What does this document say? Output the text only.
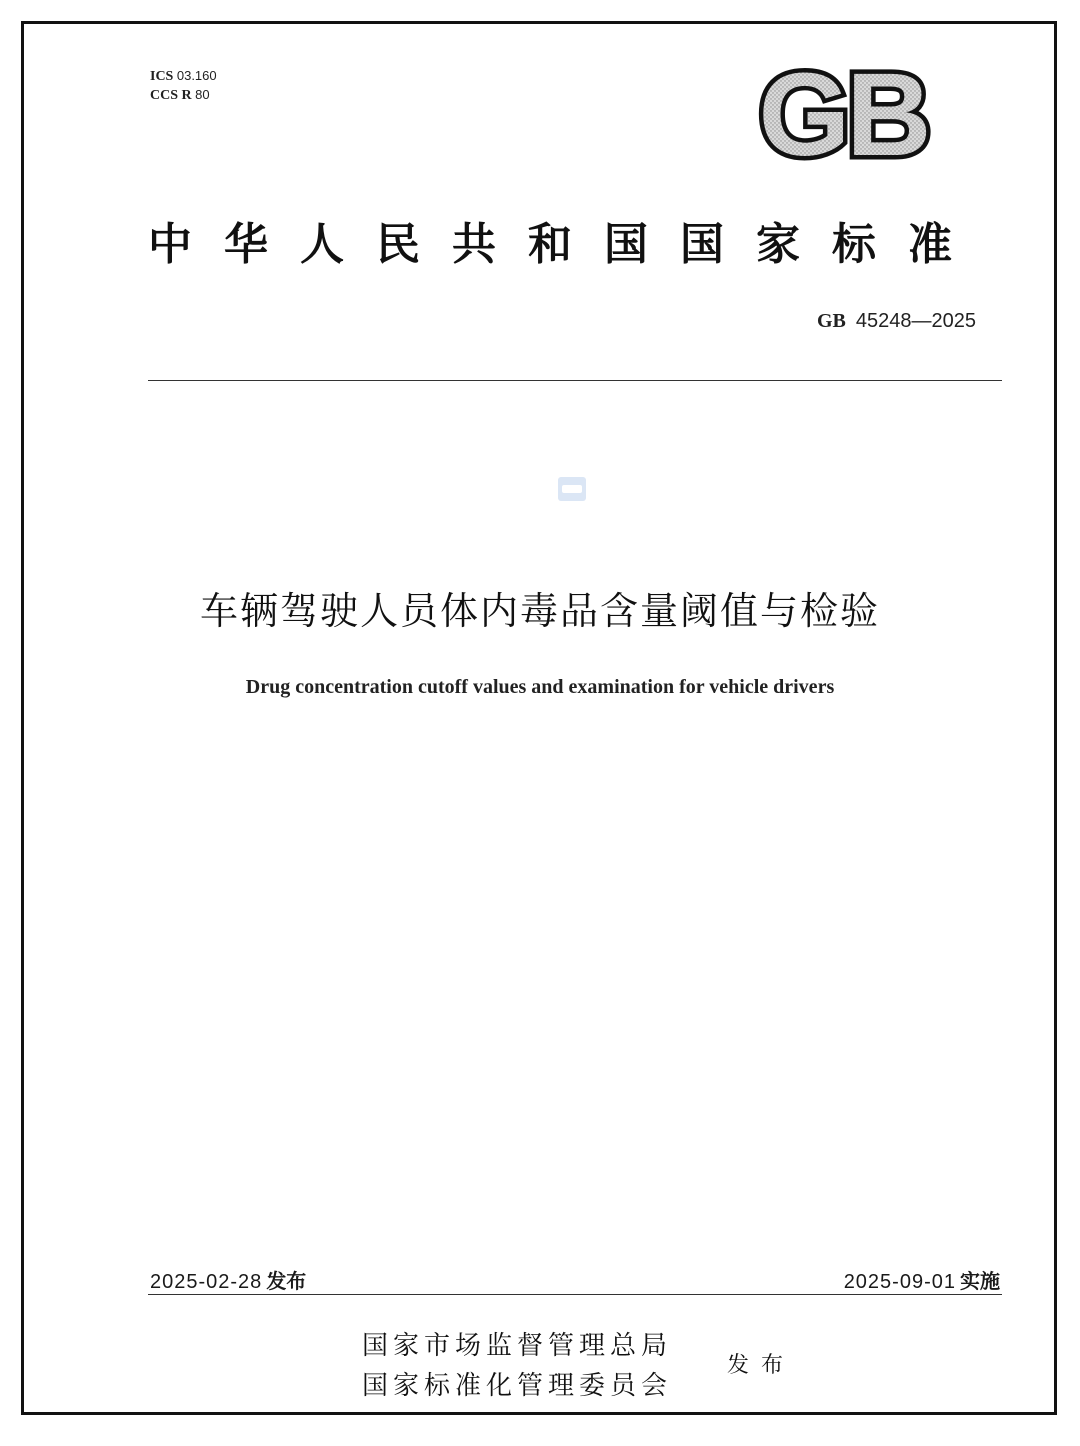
ICS 03.160
CCS R 80	GB
中华人民共和国国家标准
GB 45248—2025
车辆驾驶人员体内毒品含量阈值与检验
Drug concentration cutoff values and examination for vehicle drivers
2025-02-28 发布	2025-09-01 实施
国家市场监督管理总局
国家标准化管理委员会
发布
